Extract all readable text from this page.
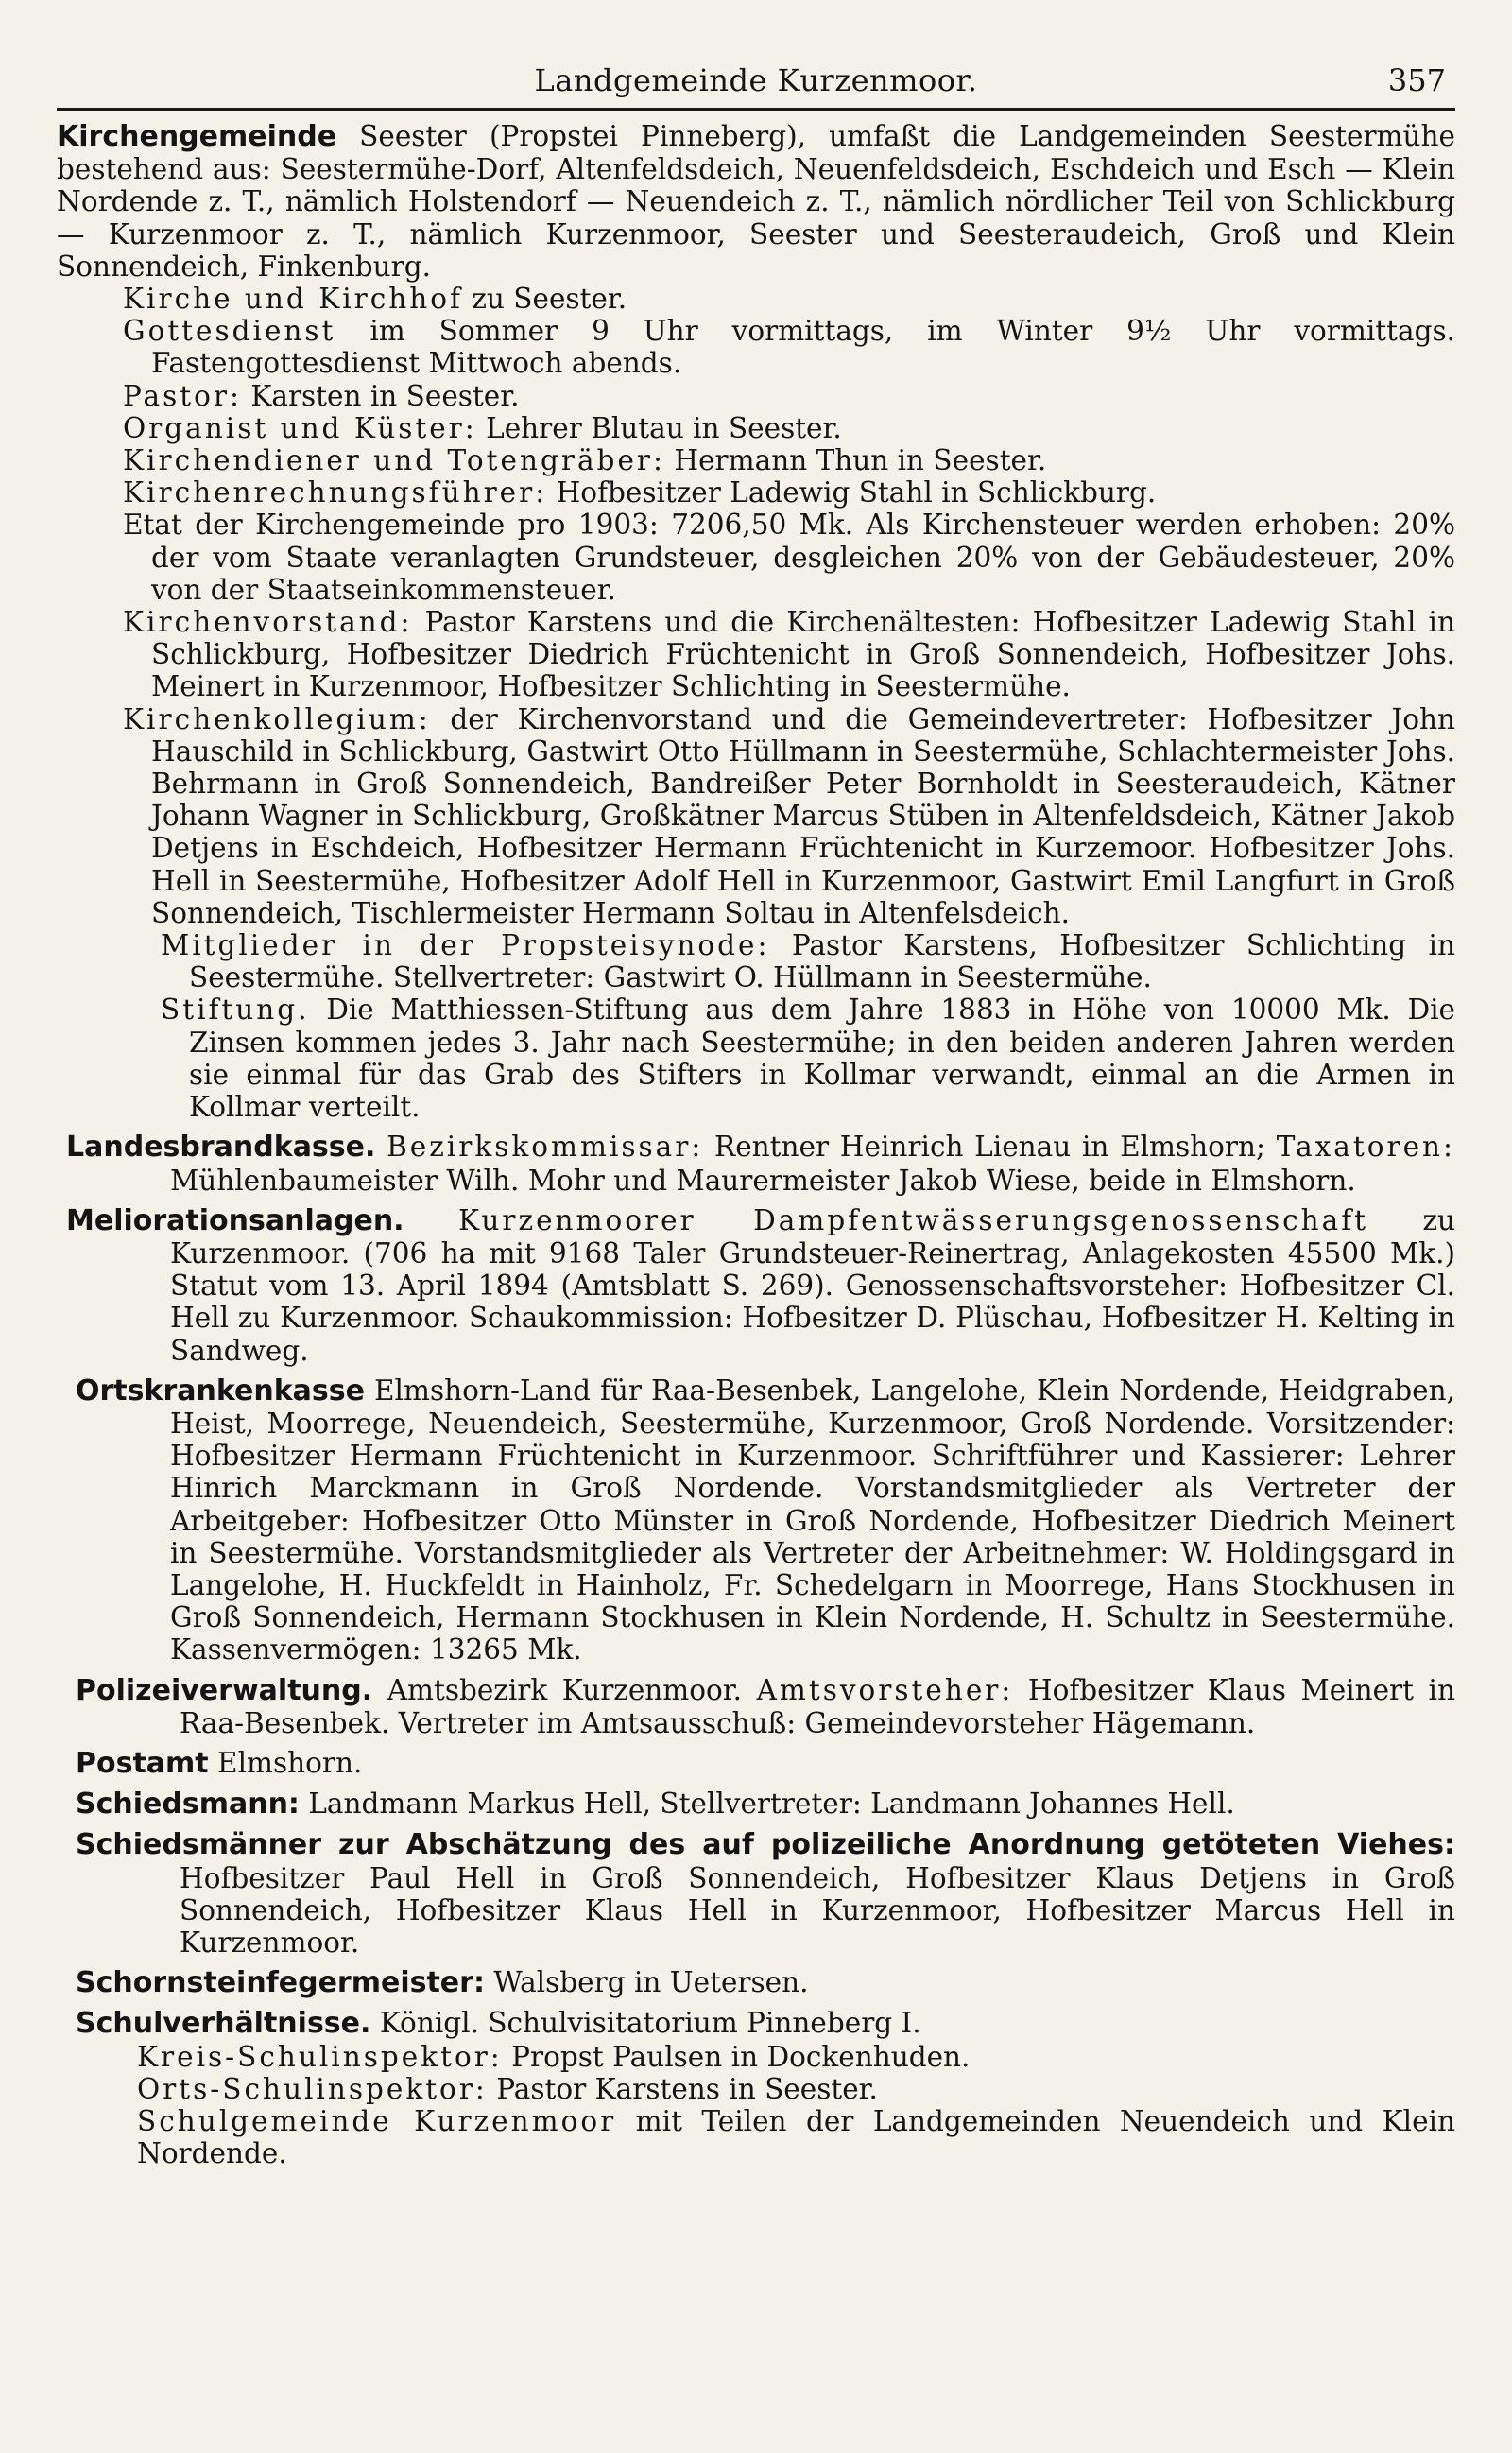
Landgemeinde Kurzenmoor.	357

Kirchengemeinde Seester (Propstei Pinneberg), umfaßt die Landgemeinden Seestermühe bestehend aus: Seestermühe-Dorf, Altenfeldsdeich, Neuenfeldsdeich, Eschdeich und Esch — Klein Nordende z. T., nämlich Holstendorf — Neuendeich z. T., nämlich nördlicher Teil von Schlickburg — Kurzenmoor z. T., nämlich Kurzenmoor, Seester und Seesteraudeich, Groß und Klein Sonnendeich, Finkenburg.

Kirche und Kirchhof zu Seester.

Gottesdienst im Sommer 9 Uhr vormittags, im Winter 9½ Uhr vormittags. Fastengottesdienst Mittwoch abends.

Pastor: Karsten in Seester.

Organist und Küster: Lehrer Blutau in Seester.

Kirchendiener und Totengräber: Hermann Thun in Seester.

Kirchenrechnungsführer: Hofbesitzer Ladewig Stahl in Schlickburg.

Etat der Kirchengemeinde pro 1903: 7206,50 Mk. Als Kirchensteuer werden erhoben: 20% der vom Staate veranlagten Grundsteuer, desgleichen 20% von der Gebäudesteuer, 20% von der Staatseinkommensteuer.

Kirchenvorstand: Pastor Karstens und die Kirchenältesten: Hofbesitzer Ladewig Stahl in Schlickburg, Hofbesitzer Diedrich Früchtenicht in Groß Sonnendeich, Hofbesitzer Johs. Meinert in Kurzenmoor, Hofbesitzer Schlichting in Seestermühe.

Kirchenkollegium: der Kirchenvorstand und die Gemeindevertreter: Hofbesitzer John Hauschild in Schlickburg, Gastwirt Otto Hüllmann in Seestermühe, Schlachtermeister Johs. Behrmann in Groß Sonnendeich, Bandreißer Peter Bornholdt in Seesteraudeich, Kätner Johann Wagner in Schlickburg, Großkätner Marcus Stüben in Altenfeldsdeich, Kätner Jakob Detjens in Eschdeich, Hofbesitzer Hermann Früchtenicht in Kurzemoor. Hofbesitzer Johs. Hell in Seestermühe, Hofbesitzer Adolf Hell in Kurzenmoor, Gastwirt Emil Langfurt in Groß Sonnendeich, Tischlermeister Hermann Soltau in Altenfelsdeich.

Mitglieder in der Propsteisynode: Pastor Karstens, Hofbesitzer Schlichting in Seestermühe. Stellvertreter: Gastwirt O. Hüllmann in Seestermühe.

Stiftung. Die Matthiessen-Stiftung aus dem Jahre 1883 in Höhe von 10000 Mk. Die Zinsen kommen jedes 3. Jahr nach Seestermühe; in den beiden anderen Jahren werden sie einmal für das Grab des Stifters in Kollmar verwandt, einmal an die Armen in Kollmar verteilt.

Landesbrandkasse. Bezirkskommissar: Rentner Heinrich Lienau in Elmshorn; Taxatoren: Mühlenbaumeister Wilh. Mohr und Maurermeister Jakob Wiese, beide in Elmshorn.

Meliorationsanlagen. Kurzenmoorer Dampfentwässerungsgenossenschaft zu Kurzenmoor. (706 ha mit 9168 Taler Grundsteuer-Reinertrag, Anlagekosten 45500 Mk.) Statut vom 13. April 1894 (Amtsblatt S. 269). Genossenschaftsvorsteher: Hofbesitzer Cl. Hell zu Kurzenmoor. Schaukommission: Hofbesitzer D. Plüschau, Hofbesitzer H. Kelting in Sandweg.

Ortskrankenkasse Elmshorn-Land für Raa-Besenbek, Langelohe, Klein Nordende, Heidgraben, Heist, Moorrege, Neuendeich, Seestermühe, Kurzenmoor, Groß Nordende. Vorsitzender: Hofbesitzer Hermann Früchtenicht in Kurzenmoor. Schriftführer und Kassierer: Lehrer Hinrich Marckmann in Groß Nordende. Vorstandsmitglieder als Vertreter der Arbeitgeber: Hofbesitzer Otto Münster in Groß Nordende, Hofbesitzer Diedrich Meinert in Seestermühe. Vorstandsmitglieder als Vertreter der Arbeitnehmer: W. Holdingsgard in Langelohe, H. Huckfeldt in Hainholz, Fr. Schedelgarn in Moorrege, Hans Stockhusen in Groß Sonnendeich, Hermann Stockhusen in Klein Nordende, H. Schultz in Seestermühe. Kassenvermögen: 13265 Mk.

Polizeiverwaltung. Amtsbezirk Kurzenmoor. Amtsvorsteher: Hofbesitzer Klaus Meinert in Raa-Besenbek. Vertreter im Amtsausschuß: Gemeindevorsteher Hägemann.

Postamt Elmshorn.

Schiedsmann: Landmann Markus Hell, Stellvertreter: Landmann Johannes Hell.

Schiedsmänner zur Abschätzung des auf polizeiliche Anordnung getöteten Viehes: Hofbesitzer Paul Hell in Groß Sonnendeich, Hofbesitzer Klaus Detjens in Groß Sonnendeich, Hofbesitzer Klaus Hell in Kurzenmoor, Hofbesitzer Marcus Hell in Kurzenmoor.

Schornsteinfegermeister: Walsberg in Uetersen.

Schulverhältnisse. Königl. Schulvisitatorium Pinneberg I.

Kreis-Schulinspektor: Propst Paulsen in Dockenhuden.

Orts-Schulinspektor: Pastor Karstens in Seester.

Schulgemeinde Kurzenmoor mit Teilen der Landgemeinden Neuendeich und Klein Nordende.
